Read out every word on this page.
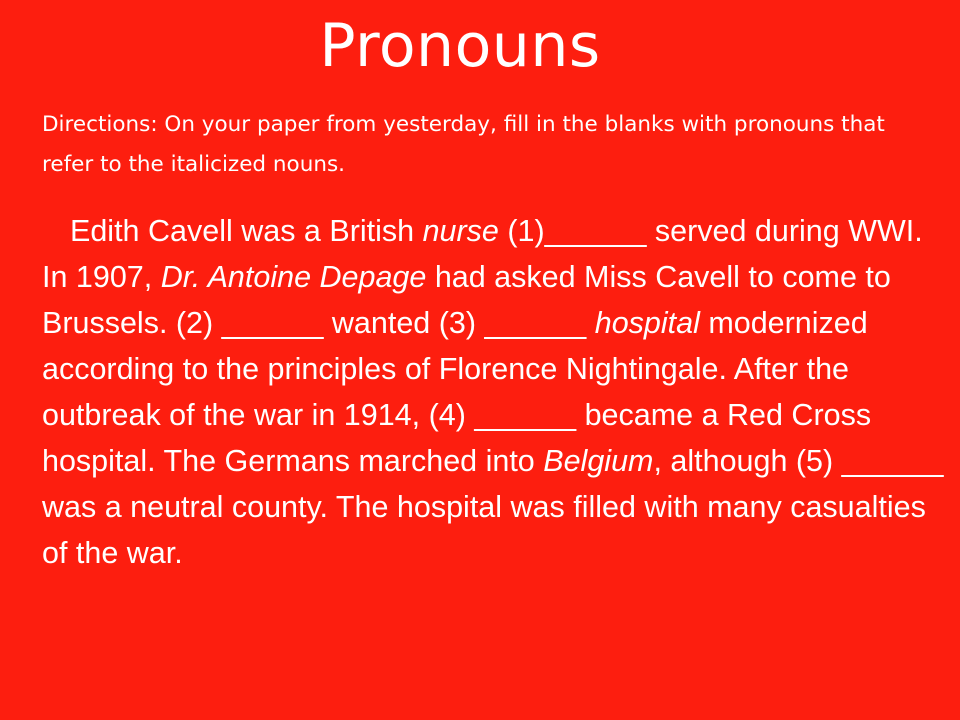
Pronouns

Directions: On your paper from yesterday, fill in the blanks with pronouns that refer to the italicized nouns.

Edith Cavell was a British nurse (1)______ served during WWI. In 1907, Dr. Antoine Depage had asked Miss Cavell to come to Brussels. (2) ______ wanted (3) ______ hospital modernized according to the principles of Florence Nightingale. After the outbreak of the war in 1914, (4) ______ became a Red Cross hospital. The Germans marched into Belgium, although (5) ______ was a neutral county. The hospital was filled with many casualties of the war.
